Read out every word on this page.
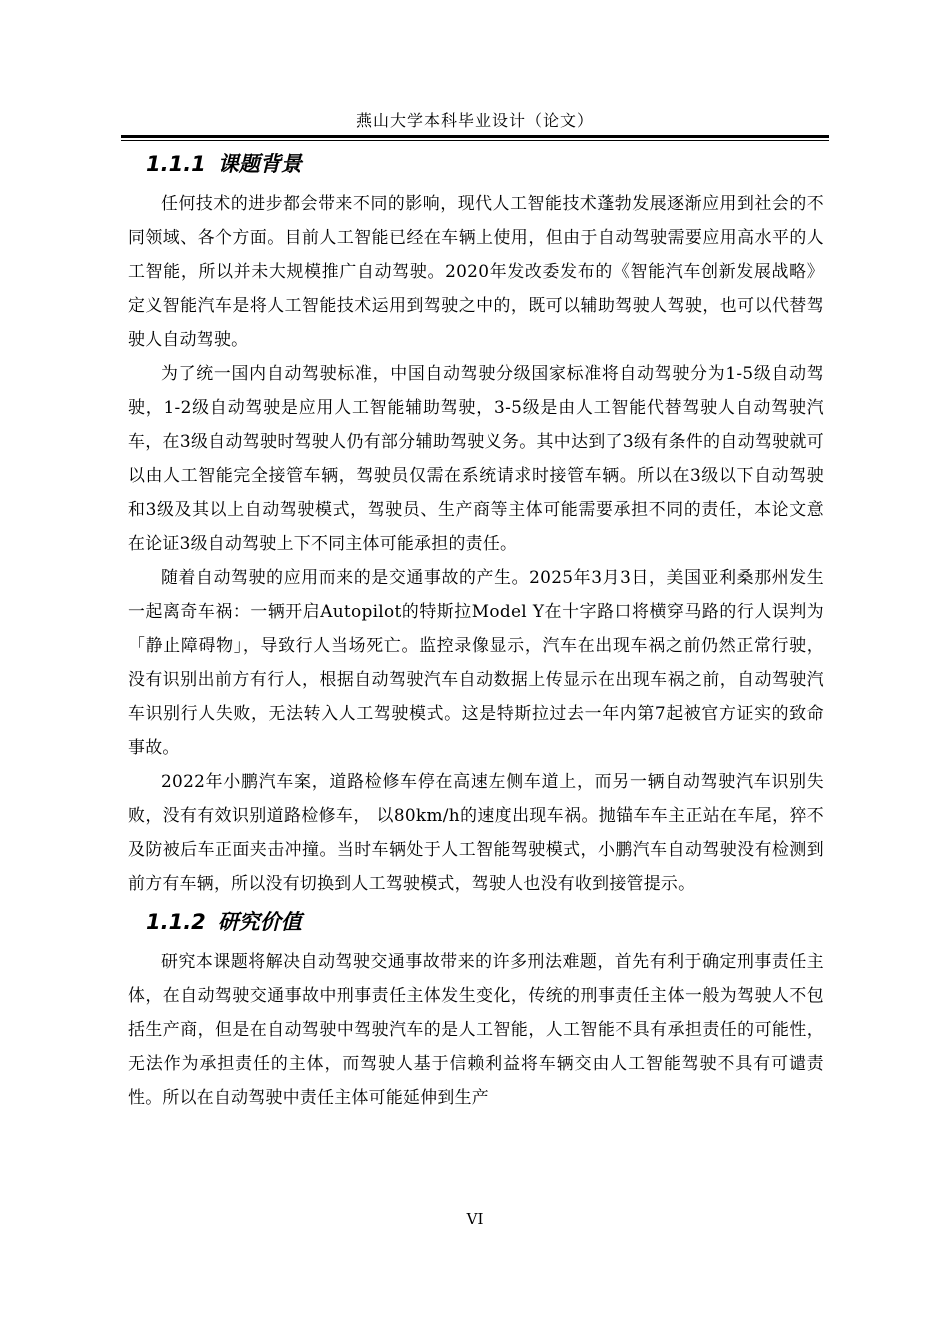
燕山大学本科毕业设计（论文）
1.1.1 课题背景

任何技术的进步都会带来不同的影响，现代人工智能技术蓬勃发展逐渐应用到社会的不同领域、各个方面。目前人工智能已经在车辆上使用，但由于自动驾驶需要应用高水平的人工智能，所以并未大规模推广自动驾驶。2020年发改委发布的《智能汽车创新发展战略》定义智能汽车是将人工智能技术运用到驾驶之中的，既可以辅助驾驶人驾驶，也可以代替驾驶人自动驾驶。

为了统一国内自动驾驶标准，中国自动驾驶分级国家标准将自动驾驶分为1-5级自动驾驶，1-2级自动驾驶是应用人工智能辅助驾驶，3-5级是由人工智能代替驾驶人自动驾驶汽车，在3级自动驾驶时驾驶人仍有部分辅助驾驶义务。其中达到了3级有条件的自动驾驶就可以由人工智能完全接管车辆，驾驶员仅需在系统请求时接管车辆。所以在3级以下自动驾驶和3级及其以上自动驾驶模式，驾驶员、生产商等主体可能需要承担不同的责任，本论文意在论证3级自动驾驶上下不同主体可能承担的责任。

随着自动驾驶的应用而来的是交通事故的产生。2025年3月3日，美国亚利桑那州发生一起离奇车祸：一辆开启Autopilot的特斯拉Model Y在十字路口将横穿马路的行人误判为「静止障碍物」，导致行人当场死亡。监控录像显示，汽车在出现车祸之前仍然正常行驶，没有识别出前方有行人，根据自动驾驶汽车自动数据上传显示在出现车祸之前，自动驾驶汽车识别行人失败，无法转入人工驾驶模式。这是特斯拉过去一年内第7起被官方证实的致命事故。

2022年小鹏汽车案，道路检修车停在高速左侧车道上，而另一辆自动驾驶汽车识别失败，没有有效识别道路检修车， 以80km/h的速度出现车祸。抛锚车车主正站在车尾，猝不及防被后车正面夹击冲撞。当时车辆处于人工智能驾驶模式，小鹏汽车自动驾驶没有检测到前方有车辆，所以没有切换到人工驾驶模式，驾驶人也没有收到接管提示。

1.1.2 研究价值

研究本课题将解决自动驾驶交通事故带来的许多刑法难题，首先有利于确定刑事责任主体，在自动驾驶交通事故中刑事责任主体发生变化，传统的刑事责任主体一般为驾驶人不包括生产商，但是在自动驾驶中驾驶汽车的是人工智能，人工智能不具有承担责任的可能性，无法作为承担责任的主体，而驾驶人基于信赖利益将车辆交由人工智能驾驶不具有可谴责性。所以在自动驾驶中责任主体可能延伸到生产

VI
